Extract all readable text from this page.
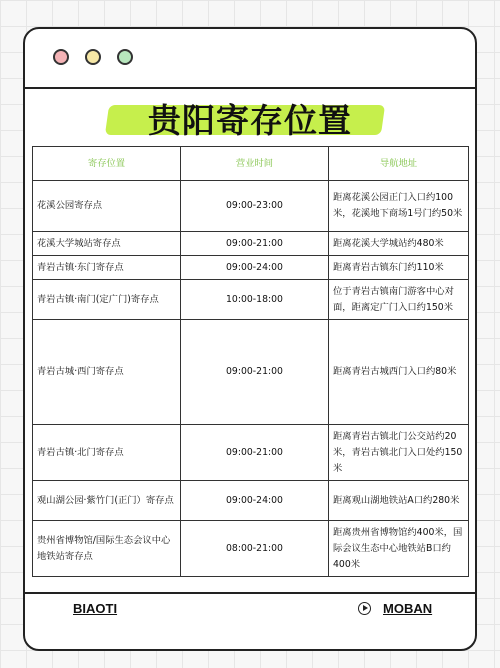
贵阳寄存位置
寄存位置	营业时间	导航地址
花溪公园寄存点	09:00-23:00	距离花溪公园正门入口约100米，花溪地下商场1号门约50米
花溪大学城站寄存点	09:00-21:00	距离花溪大学城站约480米
青岩古镇·东门寄存点	09:00-24:00	距离青岩古镇东门约110米
青岩古镇·南门(定广门)寄存点	10:00-18:00	位于青岩古镇南门游客中心对面，距离定广门入口约150米
青岩古城·西门寄存点	09:00-21:00	距离青岩古城西门入口约80米
青岩古镇·北门寄存点	09:00-21:00	距离青岩古镇北门公交站约20米，青岩古镇北门入口处约150米
观山湖公园·紫竹门(正门）寄存点	09:00-24:00	距离观山湖地铁站A口约280米
贵州省博物馆/国际生态会议中心地铁站寄存点	08:00-21:00	距离贵州省博物馆约400米，国际会议生态中心地铁站B口约400米
BIAOTI	MOBAN
